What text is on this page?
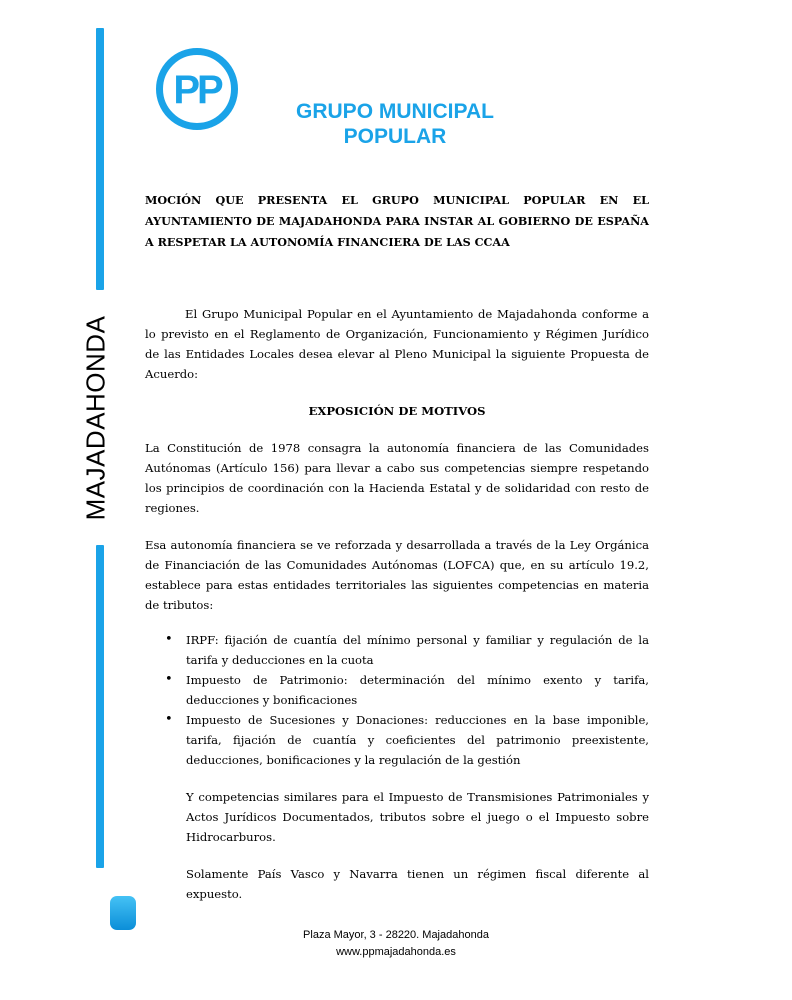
MAJADAHONDA
PP	GRUPO MUNICIPAL
POPULAR
MOCIÓN QUE PRESENTA EL GRUPO MUNICIPAL POPULAR EN EL AYUNTAMIENTO DE MAJADAHONDA PARA INSTAR AL GOBIERNO DE ESPAÑA A RESPETAR LA AUTONOMÍA FINANCIERA DE LAS CCAA
El Grupo Municipal Popular en el Ayuntamiento de Majadahonda conforme a lo previsto en el Reglamento de Organización, Funcionamiento y Régimen Jurídico de las Entidades Locales desea elevar al Pleno Municipal la siguiente Propuesta de Acuerdo:
EXPOSICIÓN DE MOTIVOS
La Constitución de 1978 consagra la autonomía financiera de las Comunidades Autónomas (Artículo 156) para llevar a cabo sus competencias siempre respetando los principios de coordinación con la Hacienda Estatal y de solidaridad con resto de regiones.
Esa autonomía financiera se ve reforzada y desarrollada a través de la Ley Orgánica de Financiación de las Comunidades Autónomas (LOFCA) que, en su artículo 19.2, establece para estas entidades territoriales las siguientes competencias en materia de tributos:
• IRPF: fijación de cuantía del mínimo personal y familiar y regulación de la tarifa y deducciones en la cuota
• Impuesto de Patrimonio: determinación del mínimo exento y tarifa, deducciones y bonificaciones
• Impuesto de Sucesiones y Donaciones: reducciones en la base imponible, tarifa, fijación de cuantía y coeficientes del patrimonio preexistente, deducciones, bonificaciones y la regulación de la gestión
Y competencias similares para el Impuesto de Transmisiones Patrimoniales y Actos Jurídicos Documentados, tributos sobre el juego o el Impuesto sobre Hidrocarburos.
Solamente País Vasco y Navarra tienen un régimen fiscal diferente al expuesto.
Plaza Mayor, 3 - 28220. Majadahonda
www.ppmajadahonda.es
